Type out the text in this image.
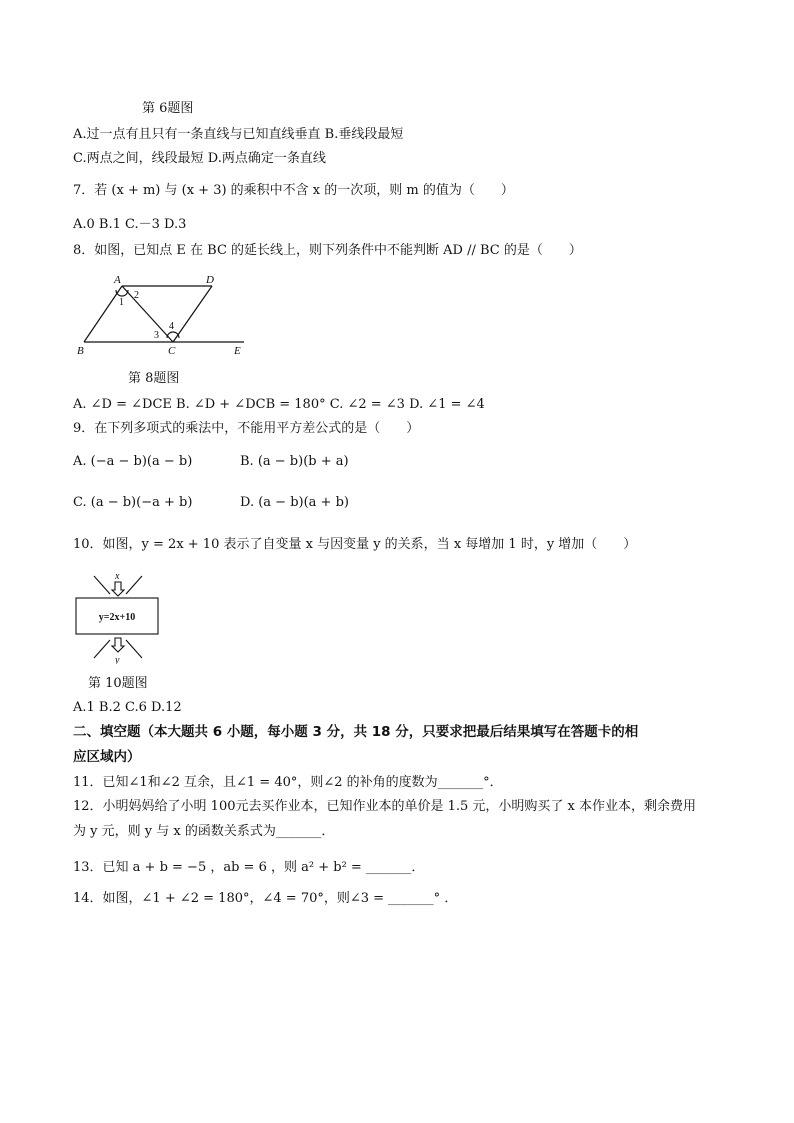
第 6题图
A.过一点有且只有一条直线与已知直线垂直 B.垂线段最短
C.两点之间，线段最短 D.两点确定一条直线
7．若 (x + m) 与 (x + 3) 的乘积中不含 x 的一次项，则 m 的值为（　　）
A.0 B.1 C.－3 D.3
8．如图，已知点 E 在 BC 的延长线上，则下列条件中不能判断 AD // BC 的是（　　）
A	D
B	C	E
1
2
3
4
第 8题图
A. ∠D = ∠DCE B. ∠D + ∠DCB = 180° C. ∠2 = ∠3 D. ∠1 = ∠4
9．在下列多项式的乘法中，不能用平方差公式的是（　　）
A. (−a − b)(a − b)	B. (a − b)(b + a)
C. (a − b)(−a + b)	D. (a − b)(a + b)
10．如图，y = 2x + 10 表示了自变量 x 与因变量 y 的关系，当 x 每增加 1 时，y 增加（　　）
x
y=2x+10
y
第 10题图
A.1 B.2 C.6 D.12
二、填空题（本大题共 6 小题，每小题 3 分，共 18 分，只要求把最后结果填写在答题卡的相
应区域内）
11．已知∠1和∠2 互余，且∠1 = 40°，则∠2 的补角的度数为_______°．
12．小明妈妈给了小明 100元去买作业本，已知作业本的单价是 1.5 元，小明购买了 x 本作业本，剩余费用
为 y 元，则 y 与 x 的函数关系式为_______．
13．已知 a + b = −5 ，ab = 6 ，则 a² + b² = _______．
14．如图，∠1 + ∠2 = 180°，∠4 = 70°，则∠3 = _______° ．
